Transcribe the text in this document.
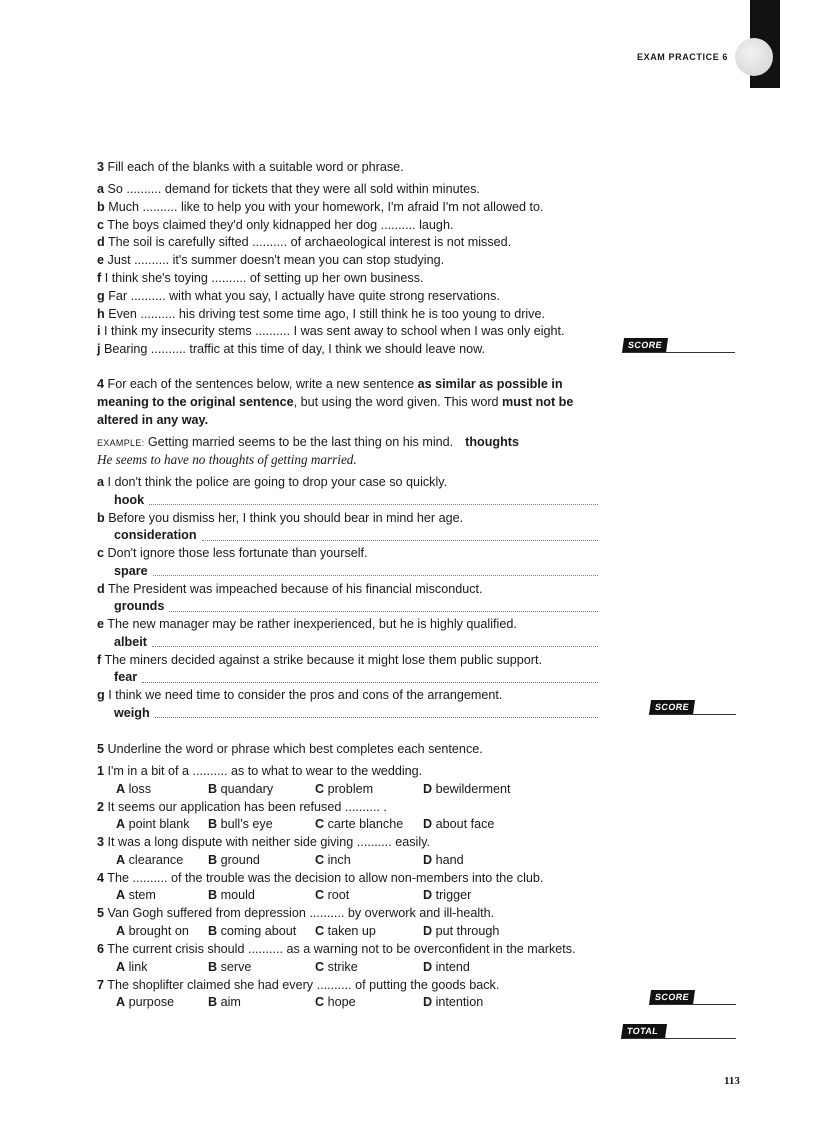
EXAM PRACTICE 6
3 Fill each of the blanks with a suitable word or phrase.
a So .......... demand for tickets that they were all sold within minutes.
b Much .......... like to help you with your homework, I'm afraid I'm not allowed to.
c The boys claimed they'd only kidnapped her dog .......... laugh.
d The soil is carefully sifted .......... of archaeological interest is not missed.
e Just .......... it's summer doesn't mean you can stop studying.
f I think she's toying .......... of setting up her own business.
g Far .......... with what you say, I actually have quite strong reservations.
h Even .......... his driving test some time ago, I still think he is too young to drive.
i I think my insecurity stems .......... I was sent away to school when I was only eight.
j Bearing .......... traffic at this time of day, I think we should leave now.	SCORE
4 For each of the sentences below, write a new sentence as similar as possible in
meaning to the original sentence, but using the word given. This word must not be
altered in any way.
EXAMPLE: Getting married seems to be the last thing on his mind. thoughts
He seems to have no thoughts of getting married.
a I don't think the police are going to drop your case so quickly.
hook
b Before you dismiss her, I think you should bear in mind her age.
consideration
c Don't ignore those less fortunate than yourself.
spare
d The President was impeached because of his financial misconduct.
grounds
e The new manager may be rather inexperienced, but he is highly qualified.
albeit
f The miners decided against a strike because it might lose them public support.
fear
g I think we need time to consider the pros and cons of the arrangement.
weigh	SCORE
5 Underline the word or phrase which best completes each sentence.
1 I'm in a bit of a .......... as to what to wear to the wedding.
A loss	B quandary	C problem	D bewilderment
2 It seems our application has been refused .......... .
A point blank B bull's eye	C carte blanche D about face
3 It was a long dispute with neither side giving .......... easily.
A clearance B ground	C inch	D hand
4 The .......... of the trouble was the decision to allow non-members into the club.
A stem	B mould	C root	D trigger
5 Van Gogh suffered from depression .......... by overwork and ill-health.
A brought on B coming about C taken up	D put through
6 The current crisis should .......... as a warning not to be overconfident in the markets.
A link	B serve	C strike	D intend
7 The shoplifter claimed she had every .......... of putting the goods back.
A purpose	B aim	C hope	D intention	SCORE
TOTAL SCORE
113
